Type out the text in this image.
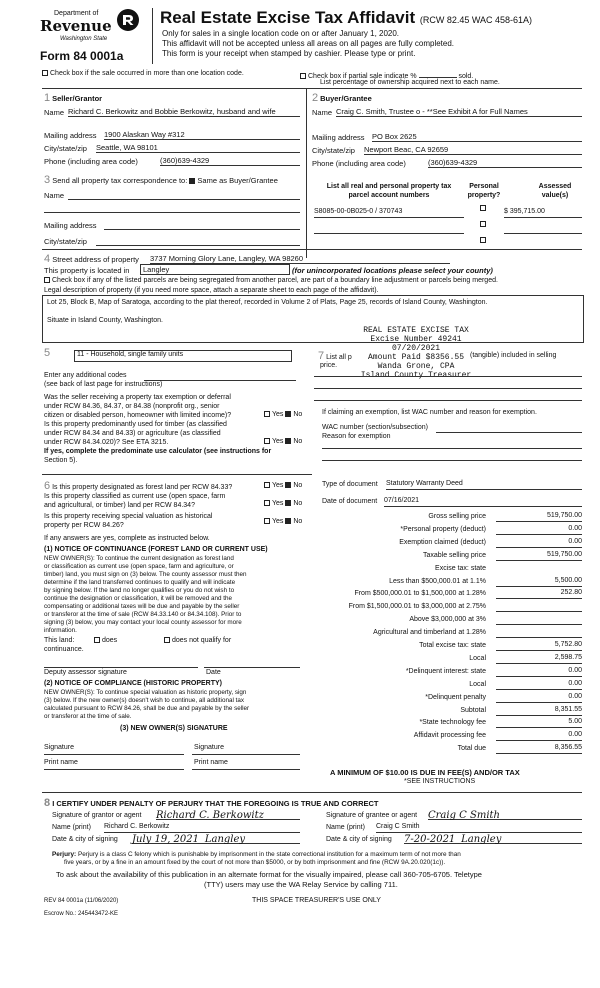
Department of
Revenue
Washington State
Form 84 0001a
Real Estate Excise Tax Affidavit (RCW 82.45 WAC 458-61A)
Only for sales in a single location code on or after January 1, 2020.
This affidavit will not be accepted unless all areas on all pages are fully completed.
This form is your receipt when stamped by cashier. Please type or print.
Check box if the sale occurred in more than one location code.	Check box if partial sale indicate %	sold.
List percentage of ownership acquired next to each name.
1 Seller/Grantor
Name Richard C. Berkowitz and Bobbie Berkowitz, husband and wife
Mailing address 1900 Alaskan Way #312
City/state/zip Seattle, WA 98101
Phone (including area code)	(360)639-4329
2 Buyer/Grantee
Name Craig C. Smith, Trustee o - **See Exhibit A for Full Names
Mailing address PO Box 2625
City/state/zip Newport Beac, CA 92659
Phone (including area code)	(360)639-4329
3 Send all property tax correspondence to: Same as Buyer/Grantee
Name
Mailing address
City/state/zip
List all real and personal property tax
parcel account numbers
Personal
property?
Assessed
value(s)
S8085-00-0B025-0 / 370743	$ 395,715.00
4 Street address of property 3737 Morning Glory Lane, Langley, WA 98260
This property is located in	Langley	(for unincorporated locations please select your county)
Check box if any of the listed parcels are being segregated from another parcel, are part of a boundary line adjustment or parcels being merged.
Legal description of property (if you need more space, attach a separate sheet to each page of the affidavit).
Lot 25, Block B, Map of Saratoga, according to the plat thereof, recorded in Volume 2 of Plats, Page 25, records of Island County, Washington.
Situate in Island County, Washington.
REAL ESTATE EXCISE TAX
Excise Number 49241
07/20/2021
Amount Paid $8356.55
Wanda Grone, CPA
Island County Treasurer
5	11 - Household, single family units
Enter any additional codes
(see back of last page for instructions)
Was the seller receiving a property tax exemption or deferral
under RCW 84.36, 84.37, or 84.38 (nonprofit org., senior
citizen or disabled person, homeowner with limited income)?	Yes No
Is this property predominantly used for timber (as classified
under RCW 84.34 and 84.33) or agriculture (as classified
under RCW 84.34.020)? See ETA 3215.
If yes, complete the predominate use calculator (see instructions for
Section 5).
Yes No
7 List all p	(tangible) included in selling
price.
If claiming an exemption, list WAC number and reason for exemption.
WAC number (section/subsection)
Reason for exemption
Type of document Statutory Warranty Deed
Date of document 07/16/2021
6 Is this property designated as forest land per RCW 84.33?	Yes No
Is this property classified as current use (open space, farm
and agricultural, or timber) land per RCW 84.34?	Yes No
Is this property receiving special valuation as historical
property per RCW 84.26?
Yes No
If any answers are yes, complete as instructed below.
(1) NOTICE OF CONTINUANCE (FOREST LAND OR CURRENT USE)
NEW OWNER(S): To continue the current designation as forest land
or classification as current use (open space, farm and agriculture, or
timber) land, you must sign on (3) below. The county assessor must then
determine if the land transferred continues to qualify and will indicate
by signing below. If the land no longer qualifies or you do not wish to
continue the designation or classification, it will be removed and the
compensating or additional taxes will be due and payable by the seller
or transferor at the time of sale (RCW 84.33.140 or 84.34.108). Prior to
signing (3) below, you may contact your local county assessor for more
information.
This land:	does	does not qualify for
continuance.
Deputy assessor signature	Date
(2) NOTICE OF COMPLIANCE (HISTORIC PROPERTY)
NEW OWNER(S): To continue special valuation as historic property, sign
(3) below. If the new owner(s) doesn't wish to continue, all additional tax
calculated pursuant to RCW 84.26, shall be due and payable by the seller
or transferor at the time of sale.
(3) NEW OWNER(S) SIGNATURE
Signature	Signature
Print name	Print name
Gross selling price	519,750.00
*Personal property (deduct)	0.00
Exemption claimed (deduct)	0.00
Taxable selling price	519,750.00
Excise tax: state
Less than $500,000.01 at 1.1%	5,500.00
From $500,000.01 to $1,500,000 at 1.28%	252.80
From $1,500,000.01 to $3,000,000 at 2.75%
Above $3,000,000 at 3%
Agricultural and timberland at 1.28%
Total excise tax: state	5,752.80
Local	2,598.75
*Delinquent interest: state	0.00
Local	0.00
*Delinquent penalty	0.00
Subtotal	8,351.55
*State technology fee	5.00
Affidavit processing fee	0.00
Total due	8,356.55
A MINIMUM OF $10.00 IS DUE IN FEE(S) AND/OR TAX
*SEE INSTRUCTIONS
8 I CERTIFY UNDER PENALTY OF PERJURY THAT THE FOREGOING IS TRUE AND CORRECT
Signature of grantor or agent Richard C. Berkowitz
Name (print) Richard C. Berkowitz
Date & city of signing July 19, 2021 Langley
Signature of grantee or agent Craig C Smith
Name (print) Craig C Smith
Date & city of signing 7-20-2021 Langley
Perjury: Perjury is a class C felony which is punishable by imprisonment in the state correctional institution for a maximum term of not more than
five years, or by a fine in an amount fixed by the court of not more than $5000, or by both imprisonment and fine (RCW 9A.20.020(1c)).
To ask about the availability of this publication in an alternate format for the visually impaired, please call 360-705-6705. Teletype
(TTY) users may use the WA Relay Service by calling 711.
REV 84 0001a (11/06/2020)	THIS SPACE TREASURER'S USE ONLY
Escrow No.: 245443472-KE
